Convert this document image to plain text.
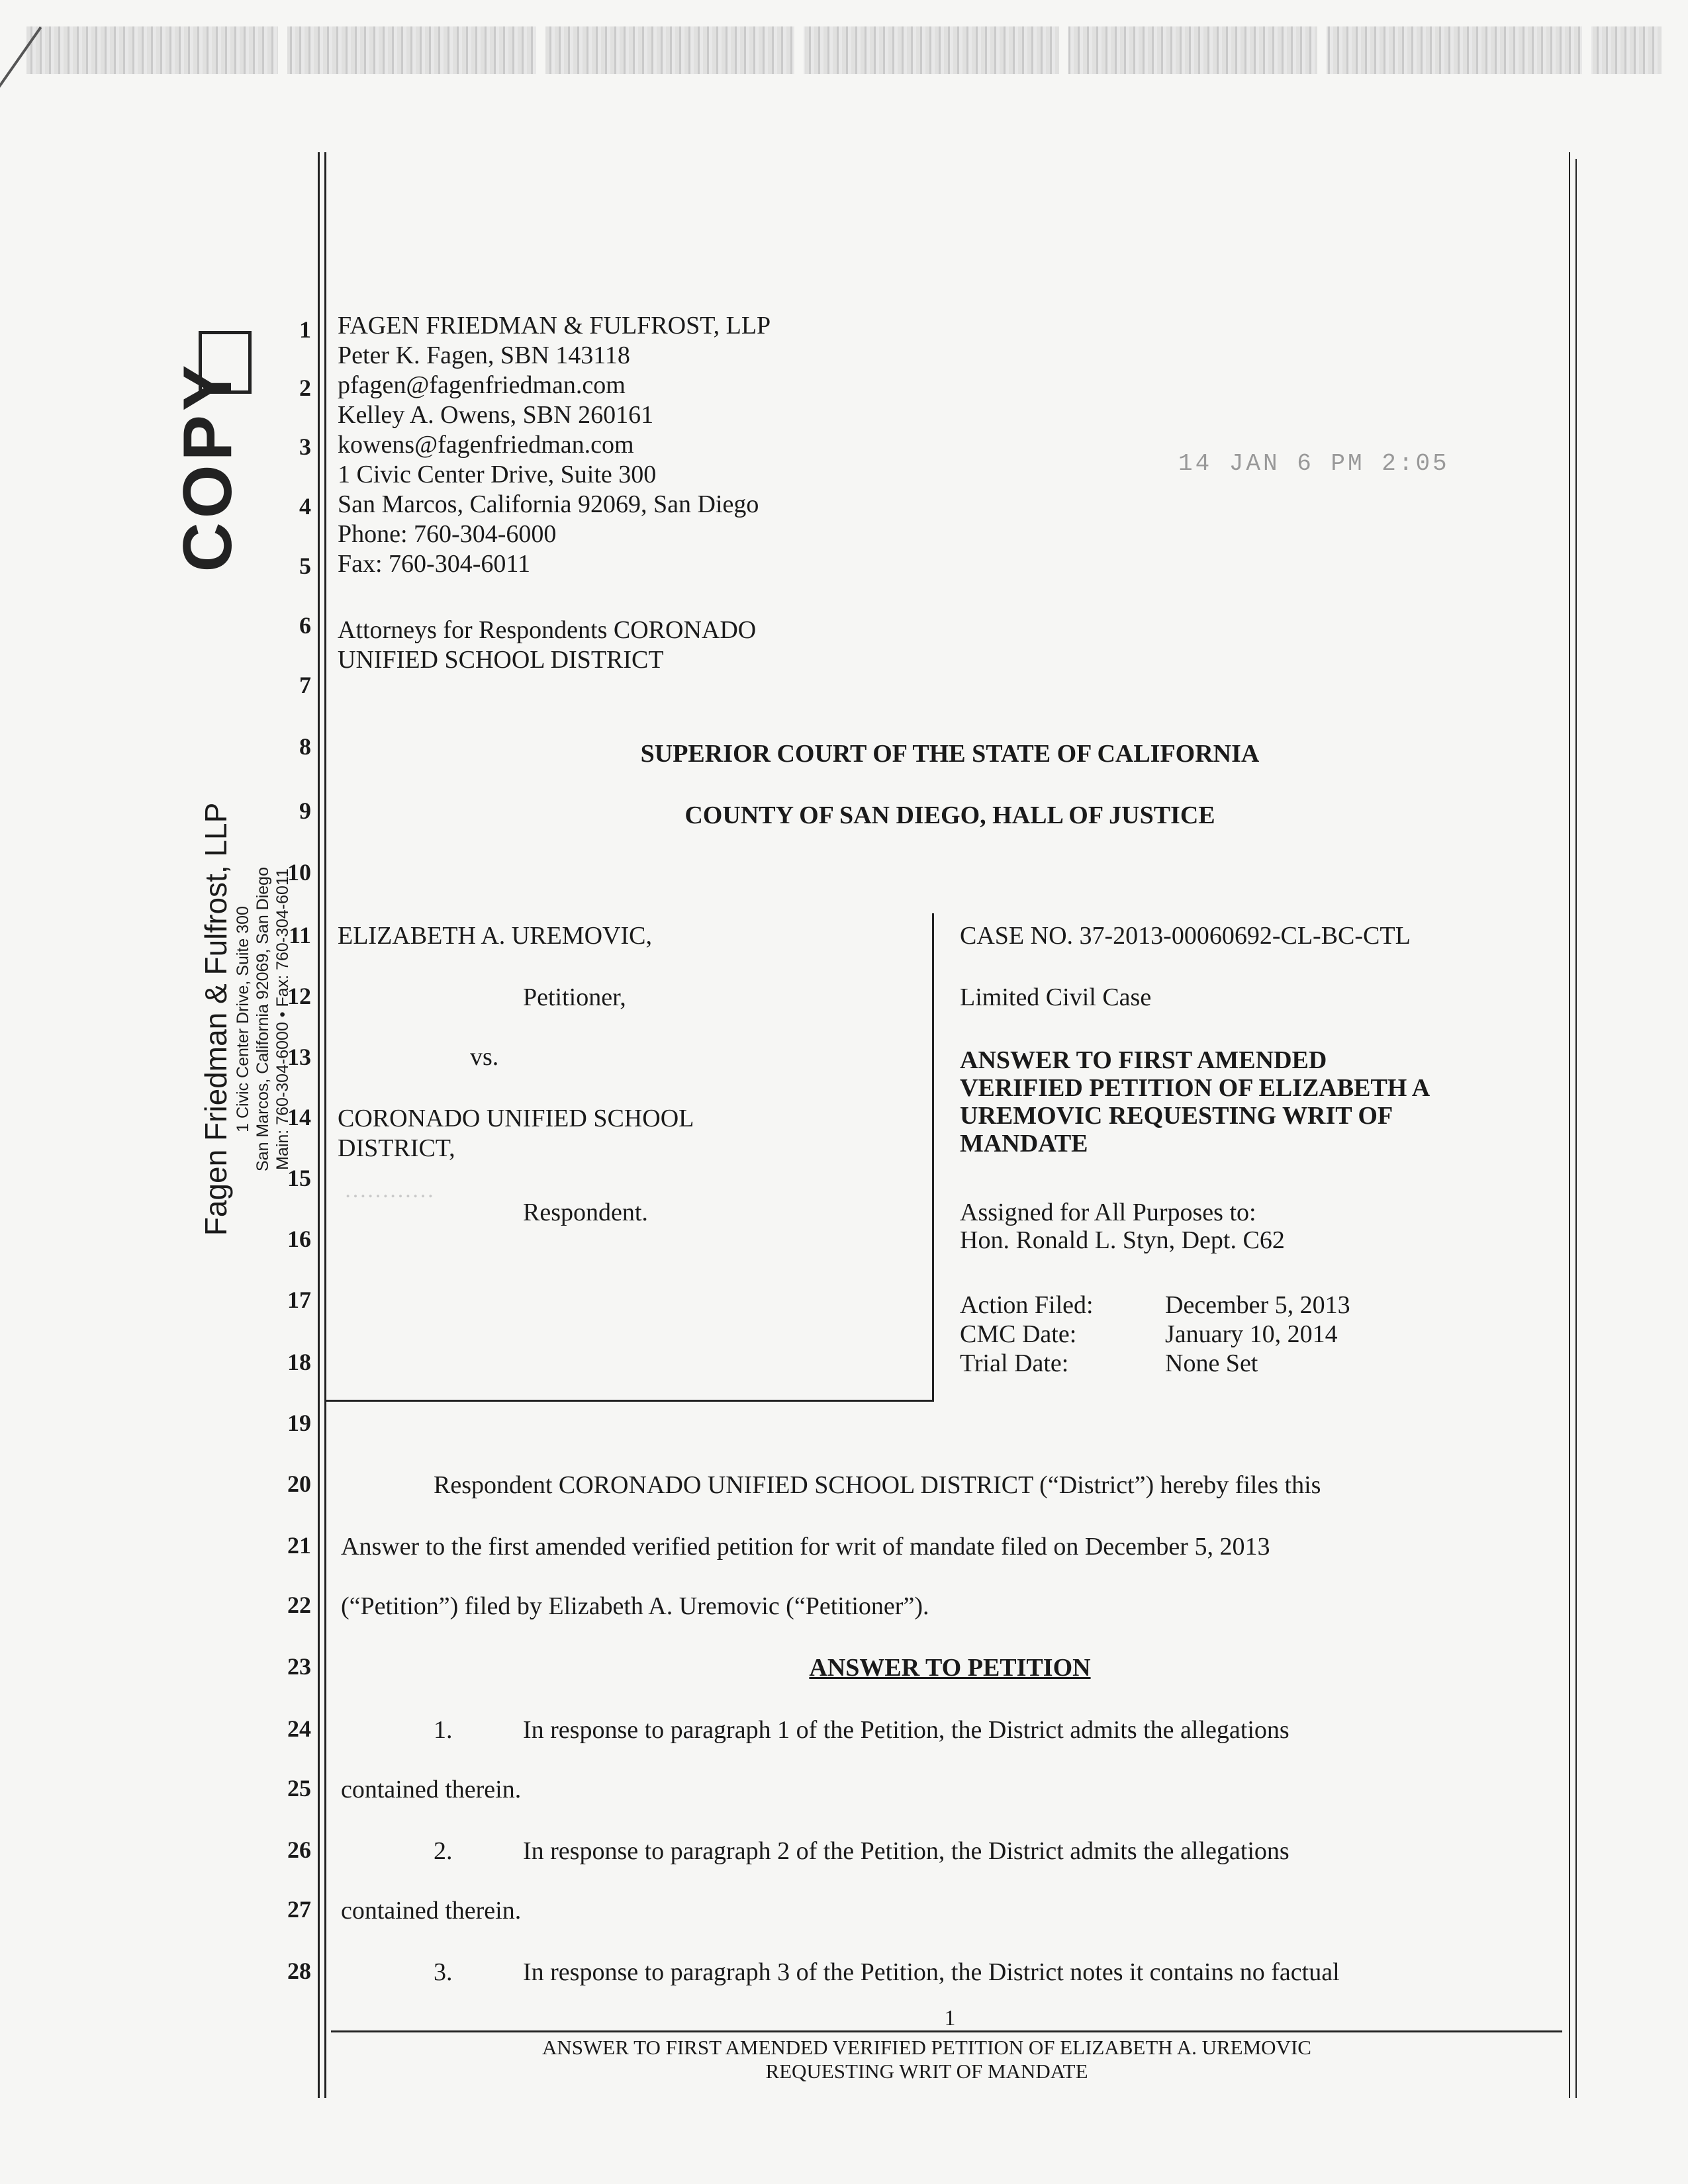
…………
COPY
Fagen Friedman & Fulfrost, LLP 1 Civic Center Drive, Suite 300 San Marcos, California 92069, San Diego Main: 760-304-6000 • Fax: 760-304-6011
1
2
3
4
5
6
7
8
9
10
11
12
13
14
15
16
17
18
19
20
21
22
23
24
25
26
27
28
14 JAN 6 PM 2:05
FAGEN FRIEDMAN & FULFROST, LLP
Peter K. Fagen, SBN 143118
pfagen@fagenfriedman.com
Kelley A. Owens, SBN 260161
kowens@fagenfriedman.com
1 Civic Center Drive, Suite 300
San Marcos, California 92069, San Diego
Phone: 760-304-6000
Fax: 760-304-6011
Attorneys for Respondents CORONADO
UNIFIED SCHOOL DISTRICT
SUPERIOR COURT OF THE STATE OF CALIFORNIA
COUNTY OF SAN DIEGO, HALL OF JUSTICE
ELIZABETH A. UREMOVIC,
Petitioner,
vs.
CORONADO UNIFIED SCHOOL
DISTRICT,
Respondent.
CASE NO. 37-2013-00060692-CL-BC-CTL
Limited Civil Case
ANSWER TO FIRST AMENDED
VERIFIED PETITION OF ELIZABETH A
UREMOVIC REQUESTING WRIT OF
MANDATE
Assigned for All Purposes to:
Hon. Ronald L. Styn, Dept. C62
Action Filed:	December 5, 2013
CMC Date:	January 10, 2014
Trial Date:	None Set
Respondent CORONADO UNIFIED SCHOOL DISTRICT (“District”) hereby files this
Answer to the first amended verified petition for writ of mandate filed on December 5, 2013
(“Petition”) filed by Elizabeth A. Uremovic (“Petitioner”).
ANSWER TO PETITION
1.	In response to paragraph 1 of the Petition, the District admits the allegations
contained therein.
2.	In response to paragraph 2 of the Petition, the District admits the allegations
contained therein.
3.	In response to paragraph 3 of the Petition, the District notes it contains no factual
1
ANSWER TO FIRST AMENDED VERIFIED PETITION OF ELIZABETH A. UREMOVIC
REQUESTING WRIT OF MANDATE
